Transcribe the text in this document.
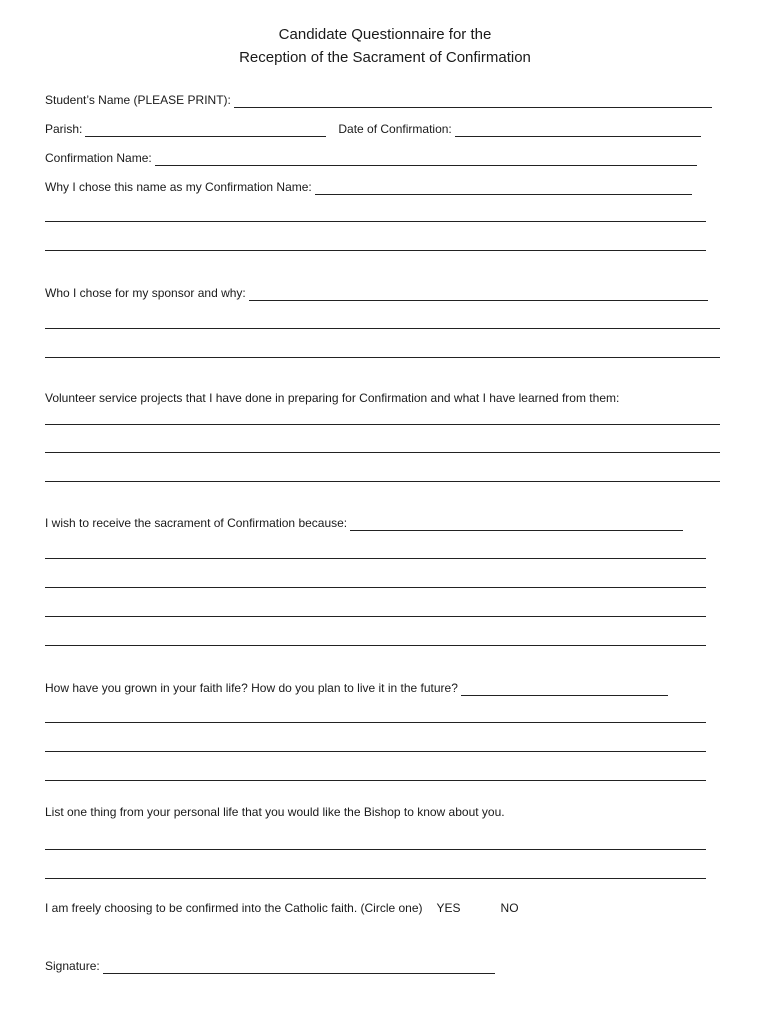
Candidate Questionnaire for the
Reception of the Sacrament of Confirmation
Student’s Name (PLEASE PRINT):
Parish:	Date of Confirmation:
Confirmation Name:
Why I chose this name as my Confirmation Name:
Who I chose for my sponsor and why:
Volunteer service projects that I have done in preparing for Confirmation and what I have learned from them:
I wish to receive the sacrament of Confirmation because:
How have you grown in your faith life? How do you plan to live it in the future?
List one thing from your personal life that you would like the Bishop to know about you.
I am freely choosing to be confirmed into the Catholic faith. (Circle one) YES	NO
Signature:
